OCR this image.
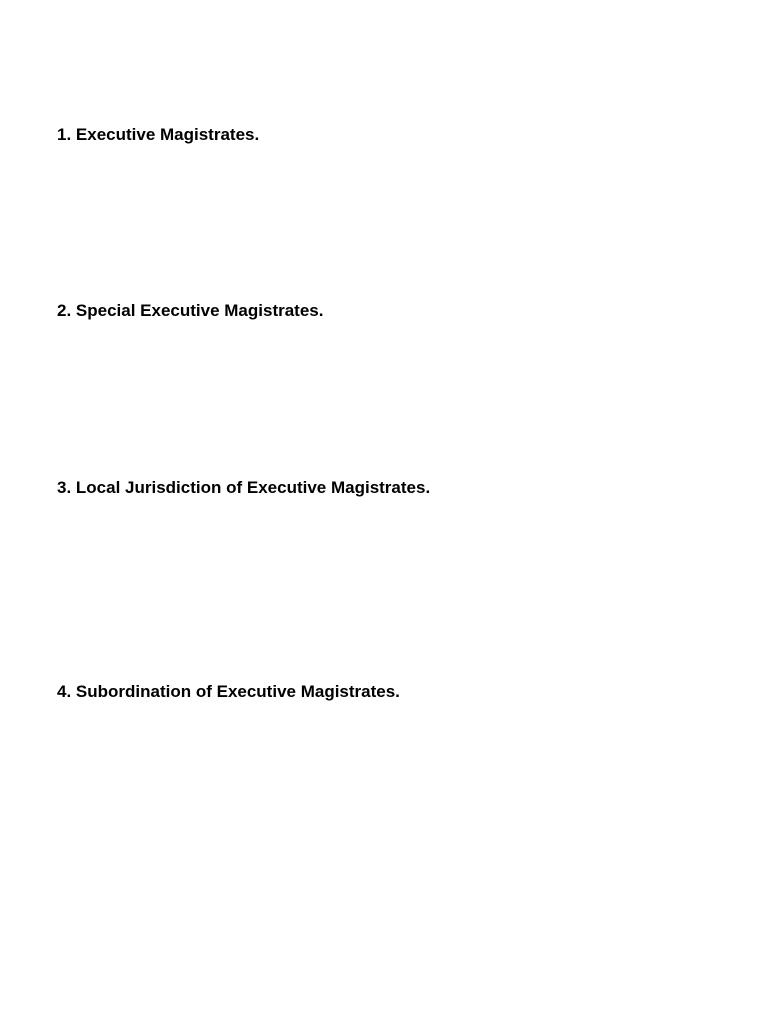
1. Executive Magistrates.

2. Special Executive Magistrates.

3. Local Jurisdiction of Executive Magistrates.

4. Subordination of Executive Magistrates.
